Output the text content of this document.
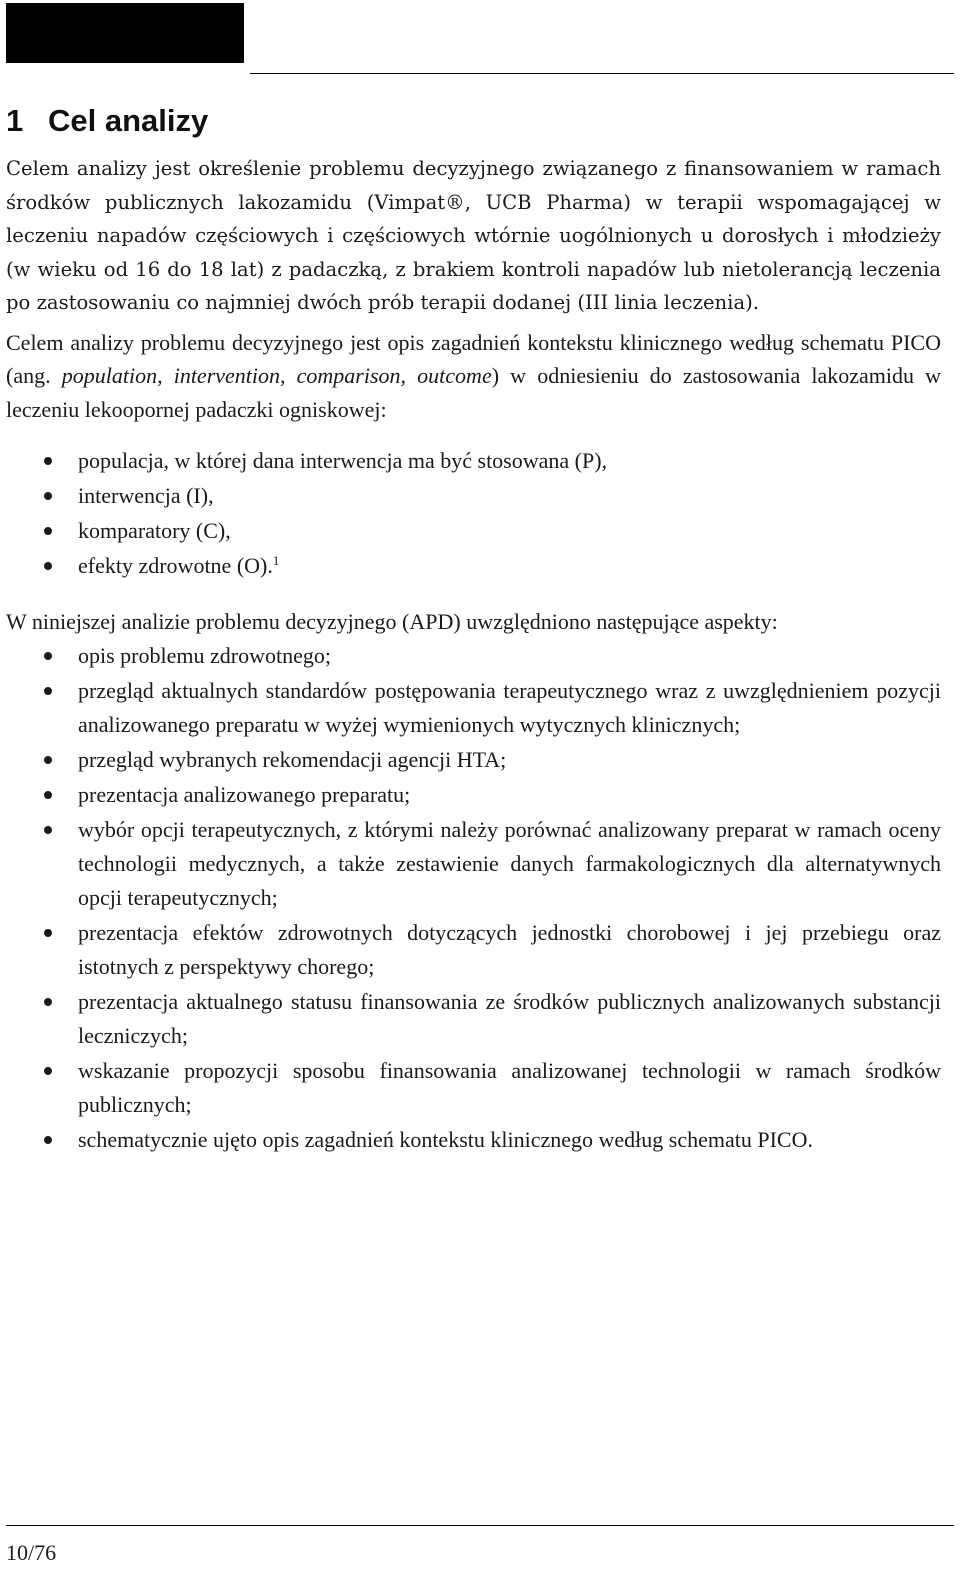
1 Cel analizy

Celem analizy jest określenie problemu decyzyjnego związanego z finansowaniem w ramach środków publicznych lakozamidu (Vimpat®, UCB Pharma) w terapii wspomagającej w leczeniu napadów częściowych i częściowych wtórnie uogólnionych u dorosłych i młodzieży (w wieku od 16 do 18 lat) z padaczką, z brakiem kontroli napadów lub nietolerancją leczenia po zastosowaniu co najmniej dwóch prób terapii dodanej (III linia leczenia).

Celem analizy problemu decyzyjnego jest opis zagadnień kontekstu klinicznego według schematu PICO (ang. population, intervention, comparison, outcome) w odniesieniu do zastosowania lakozamidu w leczeniu lekoopornej padaczki ogniskowej:

populacja, w której dana interwencja ma być stosowana (P),
interwencja (I),
komparatory (C),
efekty zdrowotne (O).$^1$

W niniejszej analizie problemu decyzyjnego (APD) uwzględniono następujące aspekty:

opis problemu zdrowotnego;
przegląd aktualnych standardów postępowania terapeutycznego wraz z uwzględnieniem pozycji analizowanego preparatu w wyżej wymienionych wytycznych klinicznych;
przegląd wybranych rekomendacji agencji HTA;
prezentacja analizowanego preparatu;
wybór opcji terapeutycznych, z którymi należy porównać analizowany preparat w ramach oceny technologii medycznych, a także zestawienie danych farmakologicznych dla alternatywnych opcji terapeutycznych;
prezentacja efektów zdrowotnych dotyczących jednostki chorobowej i jej przebiegu oraz istotnych z perspektywy chorego;
prezentacja aktualnego statusu finansowania ze środków publicznych analizowanych substancji leczniczych;
wskazanie propozycji sposobu finansowania analizowanej technologii w ramach środków publicznych;
schematycznie ujęto opis zagadnień kontekstu klinicznego według schematu PICO.
10/76
